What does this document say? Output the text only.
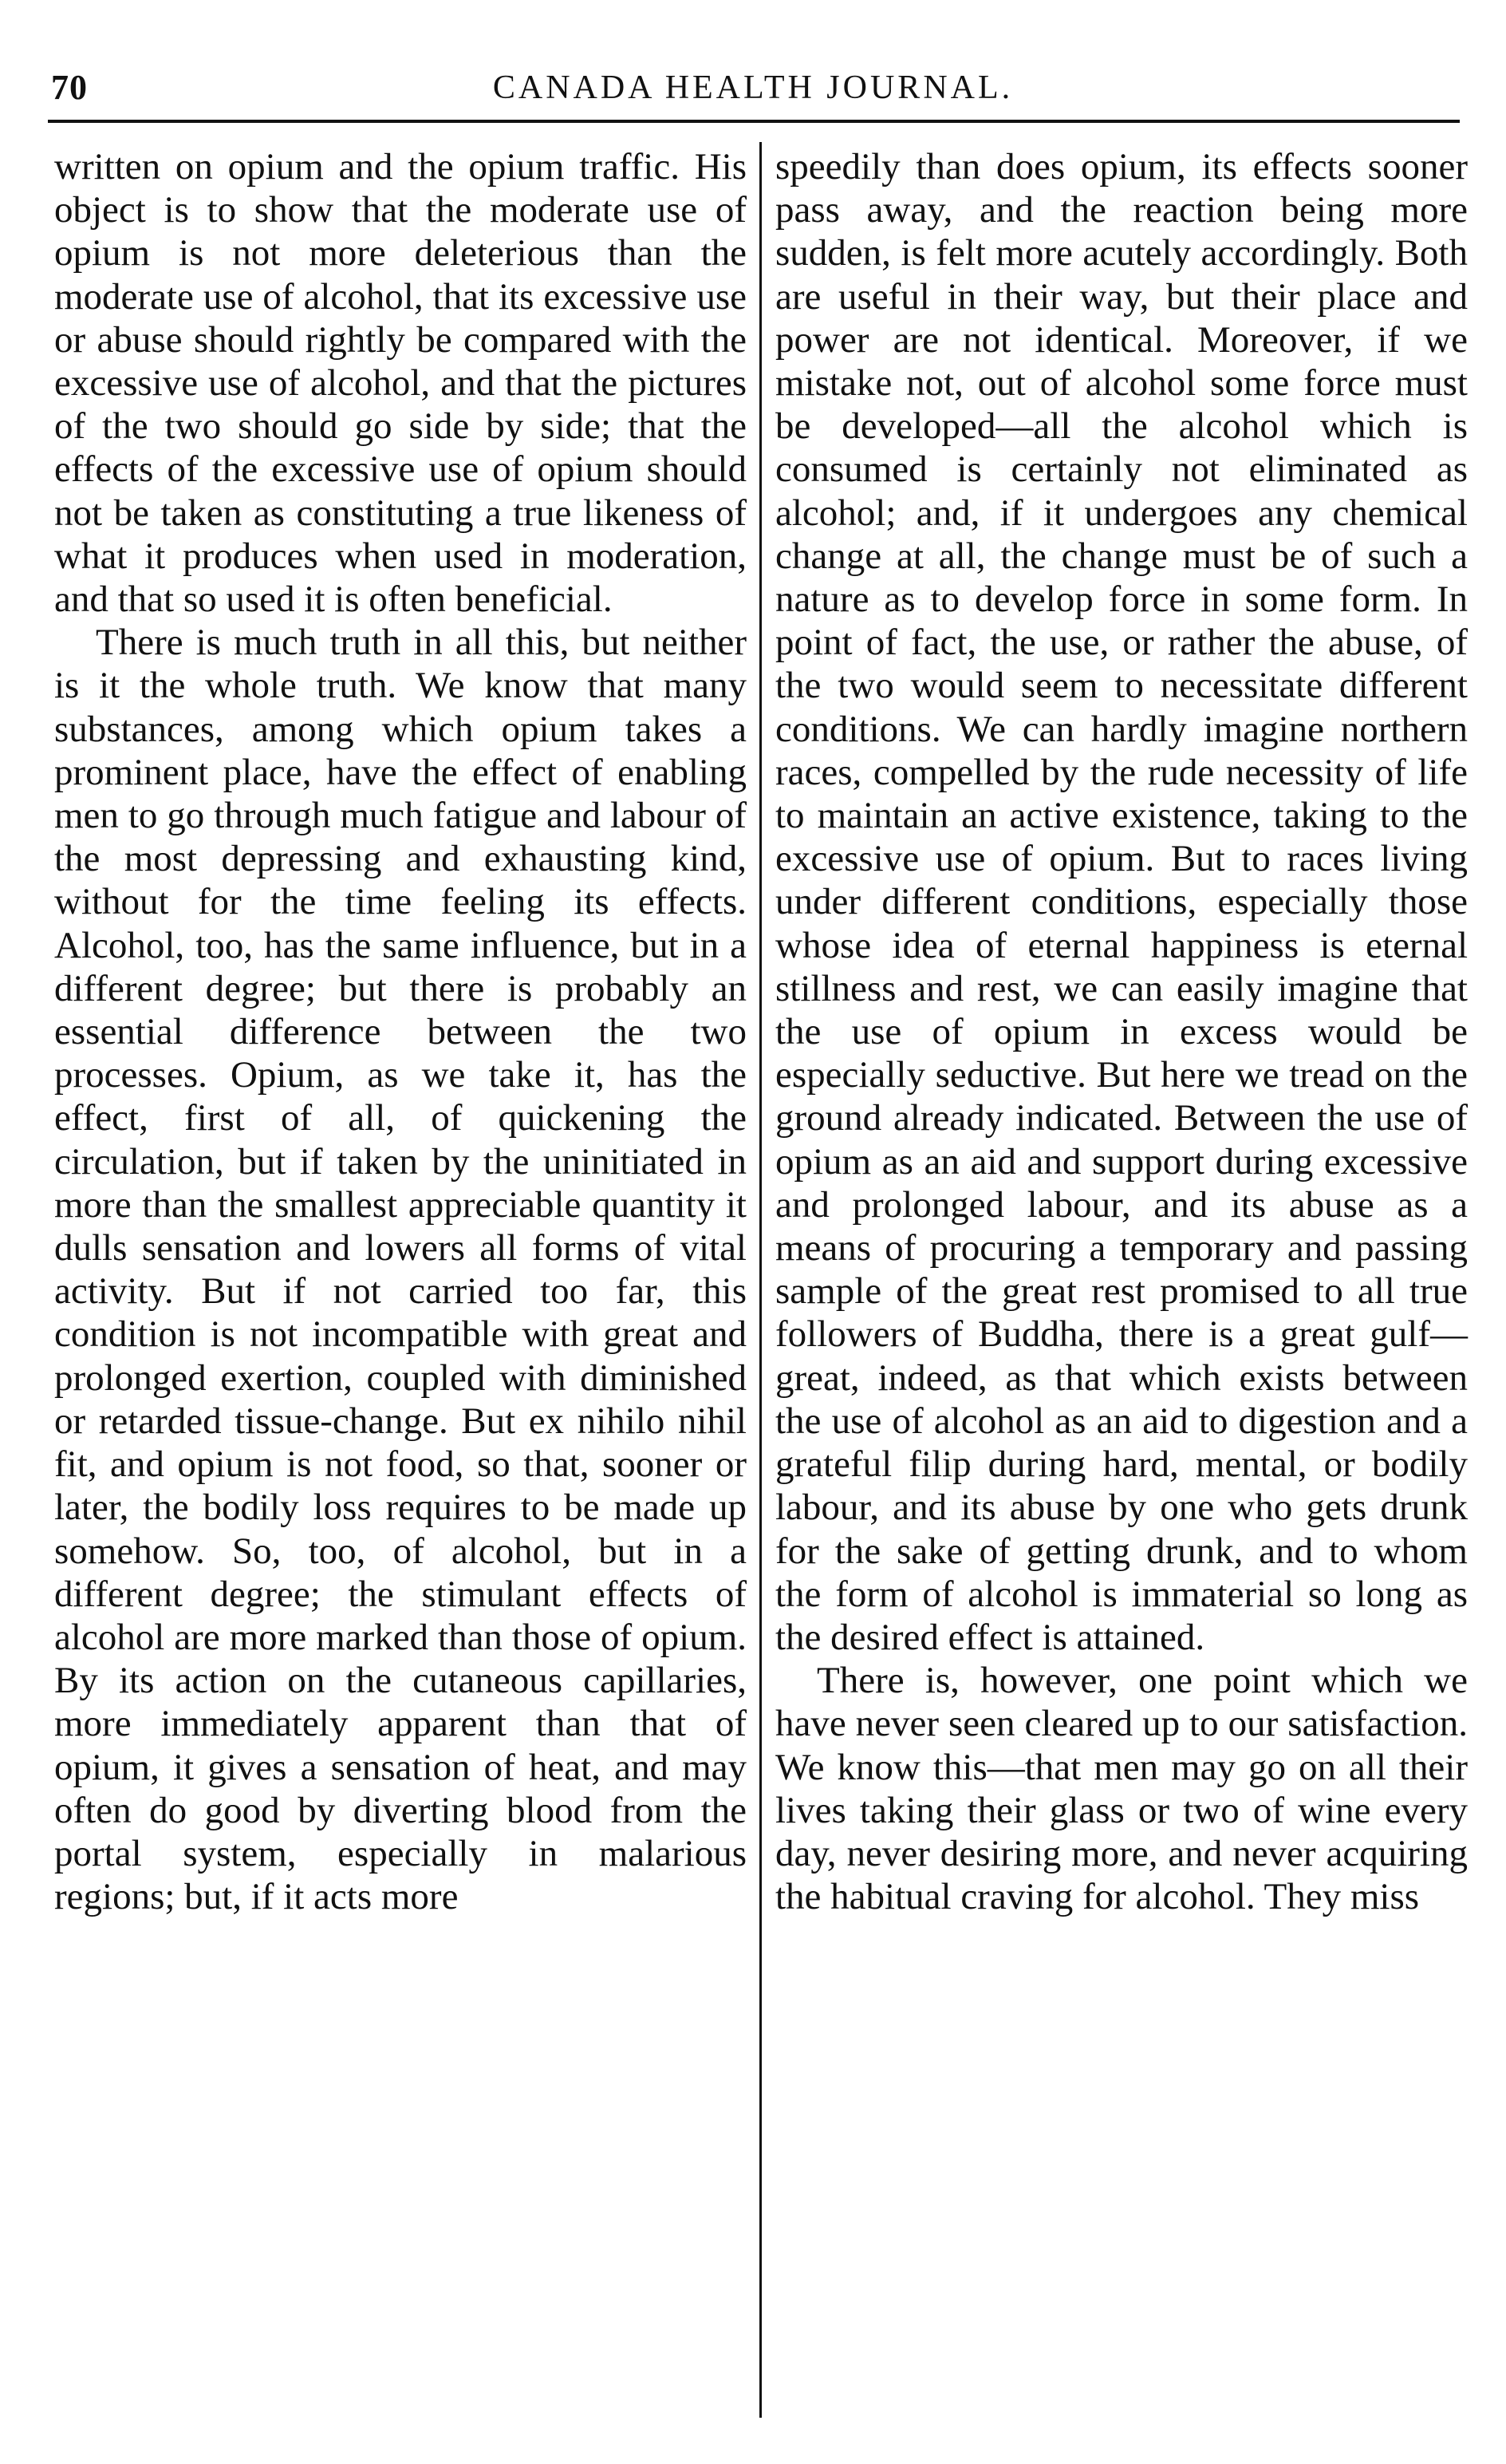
70	CANADA HEALTH JOURNAL.

written on opium and the opium traffic. His object is to show that the moderate use of opium is not more deleterious than the moderate use of alcohol, that its excessive use or abuse should rightly be compared with the excessive use of alcohol, and that the pictures of the two should go side by side; that the effects of the excessive use of opium should not be taken as constituting a true likeness of what it produces when used in moderation, and that so used it is often beneficial.

There is much truth in all this, but neither is it the whole truth. We know that many substances, among which opium takes a prominent place, have the effect of enabling men to go through much fatigue and labour of the most depressing and exhausting kind, without for the time feeling its effects. Alcohol, too, has the same influence, but in a different degree; but there is probably an essential difference between the two processes. Opium, as we take it, has the effect, first of all, of quickening the circulation, but if taken by the uninitiated in more than the smallest appreciable quantity it dulls sensation and lowers all forms of vital activity. But if not carried too far, this condition is not incompatible with great and prolonged exertion, coupled with diminished or retarded tissue-change. But ex nihilo nihil fit, and opium is not food, so that, sooner or later, the bodily loss requires to be made up somehow. So, too, of alcohol, but in a different degree; the stimulant effects of alcohol are more marked than those of opium. By its action on the cutaneous capillaries, more immediately apparent than that of opium, it gives a sensation of heat, and may often do good by diverting blood from the portal system, especially in malarious regions; but, if it acts more

speedily than does opium, its effects sooner pass away, and the reaction being more sudden, is felt more acutely accordingly. Both are useful in their way, but their place and power are not identical. Moreover, if we mistake not, out of alcohol some force must be developed—all the alcohol which is consumed is certainly not eliminated as alcohol; and, if it undergoes any chemical change at all, the change must be of such a nature as to develop force in some form. In point of fact, the use, or rather the abuse, of the two would seem to necessitate different conditions. We can hardly imagine northern races, compelled by the rude necessity of life to maintain an active existence, taking to the excessive use of opium. But to races living under different conditions, especially those whose idea of eternal happiness is eternal stillness and rest, we can easily imagine that the use of opium in excess would be especially seductive. But here we tread on the ground already indicated. Between the use of opium as an aid and support during excessive and prolonged labour, and its abuse as a means of procuring a temporary and passing sample of the great rest promised to all true followers of Buddha, there is a great gulf—great, indeed, as that which exists between the use of alcohol as an aid to digestion and a grateful filip during hard, mental, or bodily labour, and its abuse by one who gets drunk for the sake of getting drunk, and to whom the form of alcohol is immaterial so long as the desired effect is attained.

There is, however, one point which we have never seen cleared up to our satisfaction. We know this—that men may go on all their lives taking their glass or two of wine every day, never desiring more, and never acquiring the habitual craving for alcohol. They miss
